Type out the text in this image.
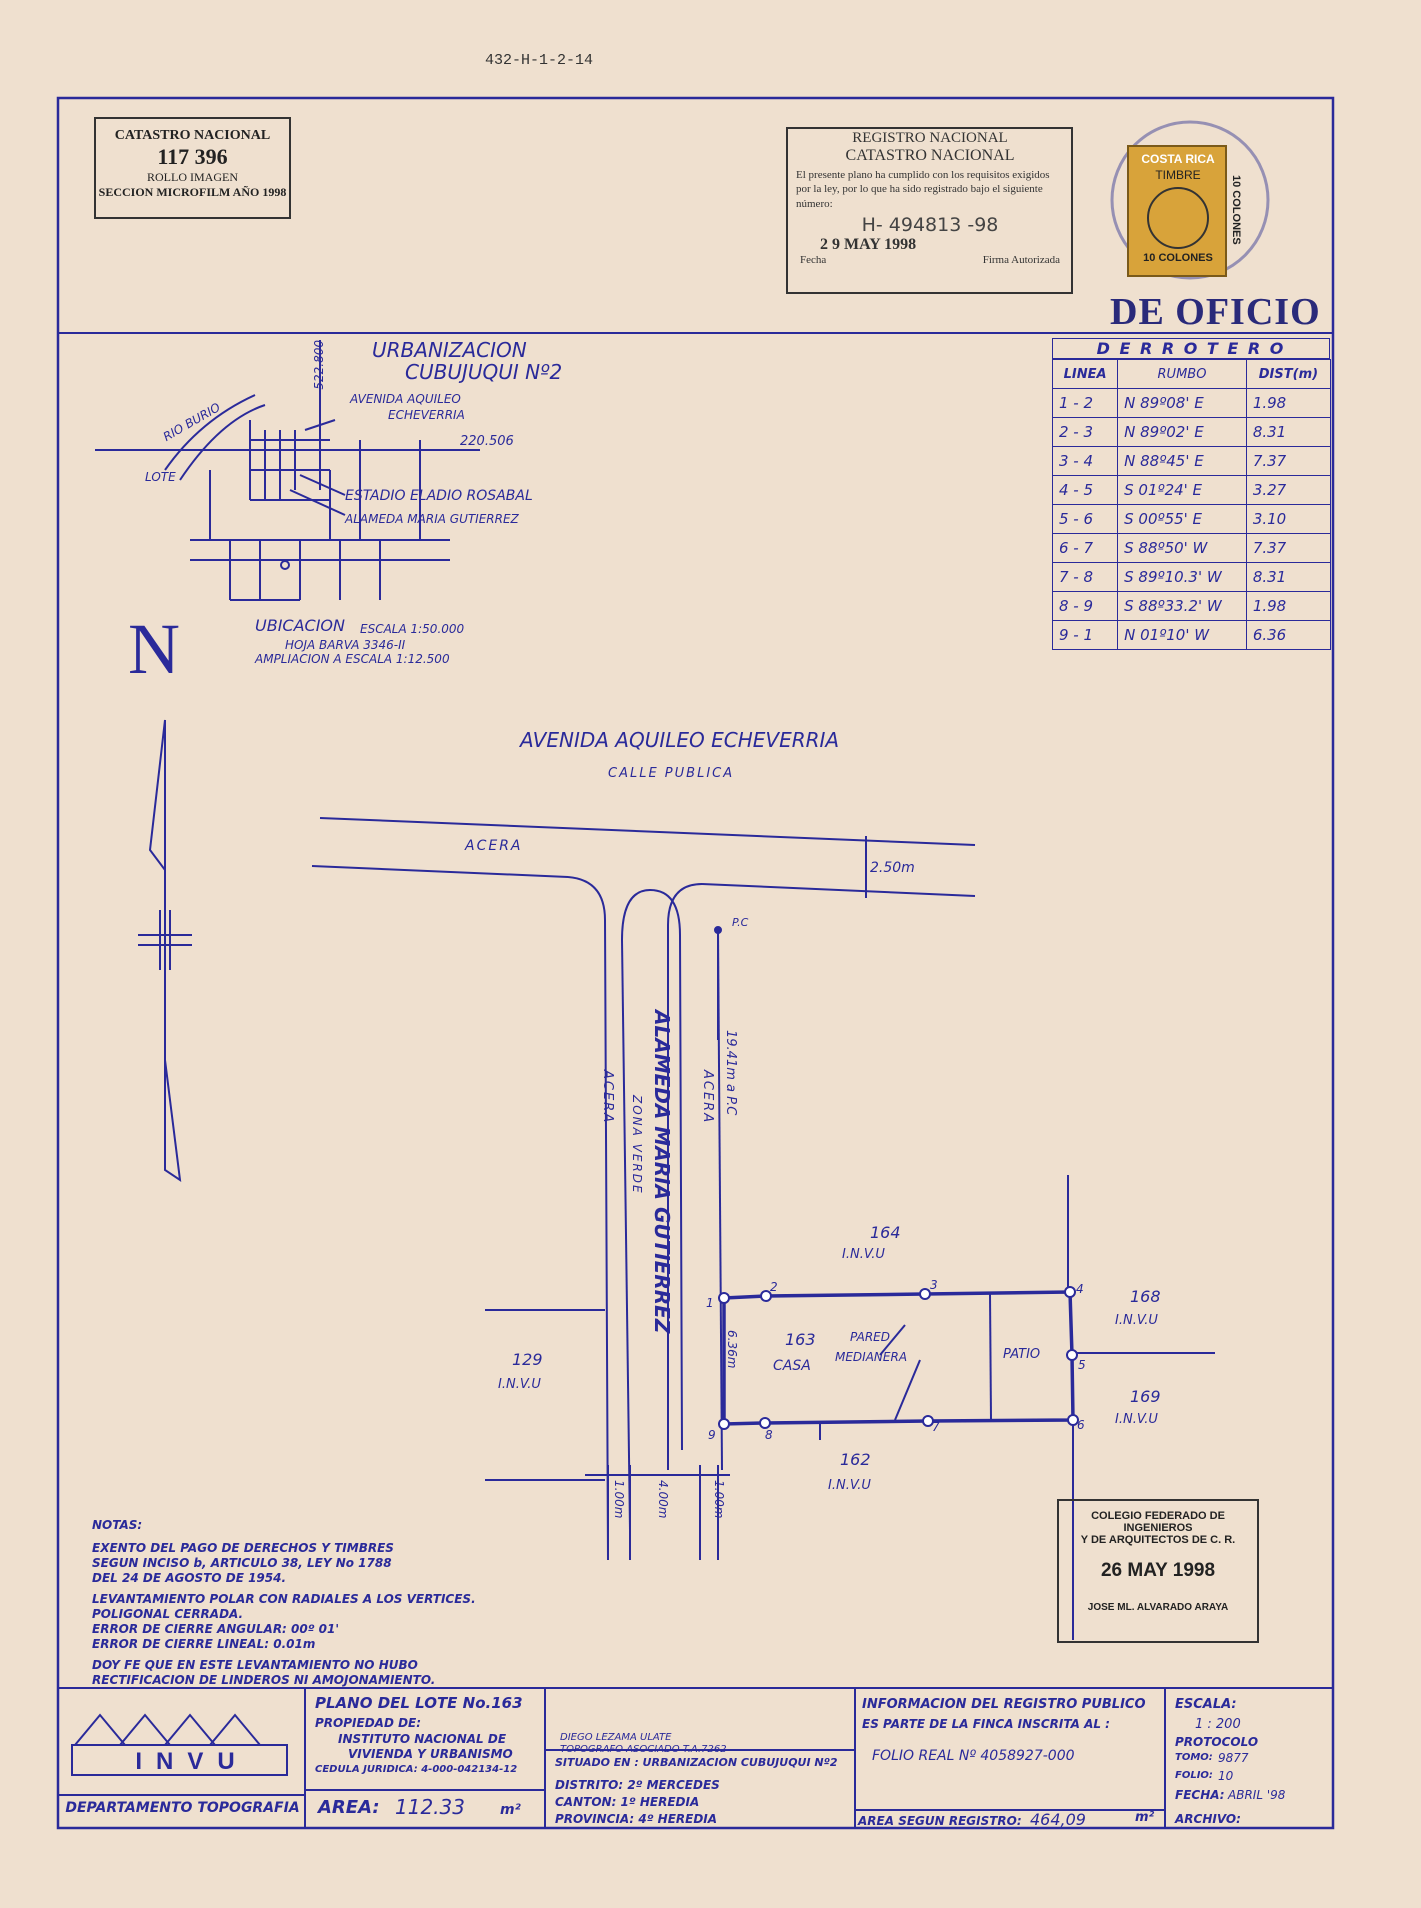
432-H-1-2-14
CATASTRO NACIONAL
117 396
ROLLO IMAGEN
SECCION MICROFILM AÑO 1998
REGISTRO NACIONAL
CATASTRO NACIONAL
El presente plano ha cumplido con los requisitos exigidos por la ley, por lo que ha sido registrado bajo el siguiente número:
H- 494813 -98
2 9 MAY 1998
Fecha	Firma Autorizada
COSTA RICA
TIMBRE
10 COLONES
10 COLONES
DE OFICIO
URBANIZACION
CUBUJUQUI Nº2
522.800
220.506
AVENIDA AQUILEO
ECHEVERRIA
RIO BURIO
LOTE
ESTADIO ELADIO ROSABAL
ALAMEDA MARIA GUTIERREZ
UBICACION ESCALA 1:50.000
HOJA BARVA 3346-II
AMPLIACION A ESCALA 1:12.500
N
D E R R O T E R O
LINEA	RUMBO	DIST(m)
1 - 2	N 89º08' E	1.98
2 - 3	N 89º02' E	8.31
3 - 4	N 88º45' E	7.37
4 - 5	S 01º24' E	3.27
5 - 6	S 00º55' E	3.10
6 - 7	S 88º50' W	7.37
7 - 8	S 89º10.3' W	8.31
8 - 9	S 88º33.2' W	1.98
9 - 1	N 01º10' W	6.36
AVENIDA AQUILEO ECHEVERRIA
CALLE PUBLICA
ACERA
2.50m
P.C
ALAMEDA MARIA GUTIERREZ
ZONA VERDE
ACERA	ACERA 19.41m a P.C
1.00m	4.00m	1.00m
164
I.N.V.U
168
I.N.V.U
169
I.N.V.U
162
I.N.V.U
129
I.N.V.U
163
CASA
PARED
MEDIANERA	PATIO
6.36m
1
2	3	4
5
6
7
8
9
COLEGIO FEDERADO DE INGENIEROS
Y DE ARQUITECTOS DE C. R.
26 MAY 1998
JOSE ML. ALVARADO ARAYA
NOTAS:
EXENTO DEL PAGO DE DERECHOS Y TIMBRES
SEGUN INCISO b, ARTICULO 38, LEY No 1788
DEL 24 DE AGOSTO DE 1954.
LEVANTAMIENTO POLAR CON RADIALES A LOS VERTICES.
POLIGONAL CERRADA.
ERROR DE CIERRE ANGULAR: 00º 01'
ERROR DE CIERRE LINEAL: 0.01m
DOY FE QUE EN ESTE LEVANTAMIENTO NO HUBO
RECTIFICACION DE LINDEROS NI AMOJONAMIENTO.
INVU
DEPARTAMENTO TOPOGRAFIA
PLANO DEL LOTE No.163
PROPIEDAD DE:
INSTITUTO NACIONAL DE
VIVIENDA Y URBANISMO
CEDULA JURIDICA: 4-000-042134-12
AREA: 112.33	m²
DIEGO LEZAMA ULATE
TOPOGRAFO ASOCIADO T.A.7262
SITUADO EN : URBANIZACION CUBUJUQUI Nº2
DISTRITO: 2º MERCEDES
CANTON: 1º HEREDIA
PROVINCIA: 4º HEREDIA
INFORMACION DEL REGISTRO PUBLICO
ES PARTE DE LA FINCA INSCRITA AL :
FOLIO REAL Nº 4058927-000
AREA SEGUN REGISTRO: 464,09	m²
ESCALA:
1 : 200
PROTOCOLO
TOMO: 9877
FOLIO: 10
FECHA: ABRIL '98
ARCHIVO:
